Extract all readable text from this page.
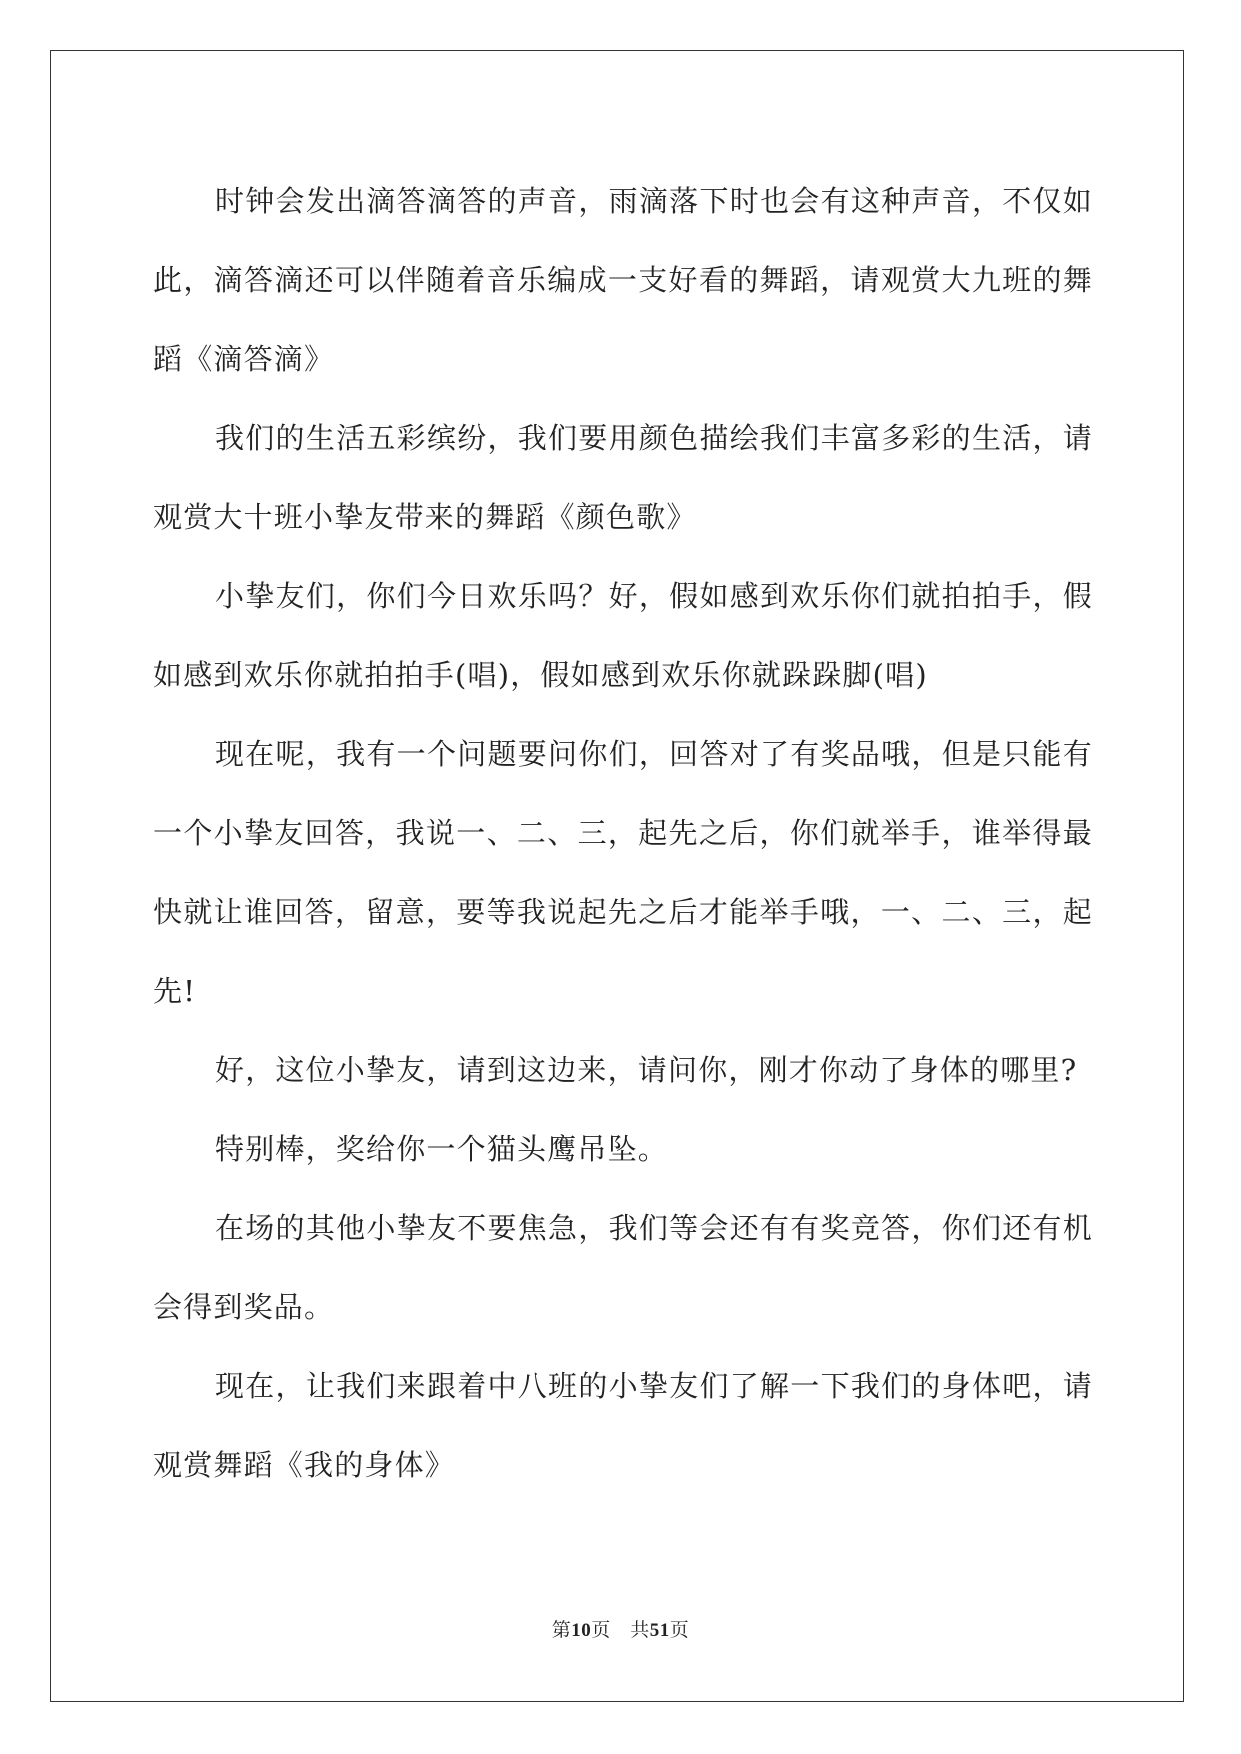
时钟会发出滴答滴答的声音，雨滴落下时也会有这种声音，不仅如此，滴答滴还可以伴随着音乐编成一支好看的舞蹈，请观赏大九班的舞蹈《滴答滴》

我们的生活五彩缤纷，我们要用颜色描绘我们丰富多彩的生活，请观赏大十班小挚友带来的舞蹈《颜色歌》

小挚友们，你们今日欢乐吗？好，假如感到欢乐你们就拍拍手，假如感到欢乐你就拍拍手(唱)，假如感到欢乐你就跺跺脚(唱)

现在呢，我有一个问题要问你们，回答对了有奖品哦，但是只能有一个小挚友回答，我说一、二、三，起先之后，你们就举手，谁举得最快就让谁回答，留意，要等我说起先之后才能举手哦，一、二、三，起先!

好，这位小挚友，请到这边来，请问你，刚才你动了身体的哪里?

特别棒，奖给你一个猫头鹰吊坠。

在场的其他小挚友不要焦急，我们等会还有有奖竞答，你们还有机会得到奖品。

现在，让我们来跟着中八班的小挚友们了解一下我们的身体吧，请观赏舞蹈《我的身体》

第10页　共51页
